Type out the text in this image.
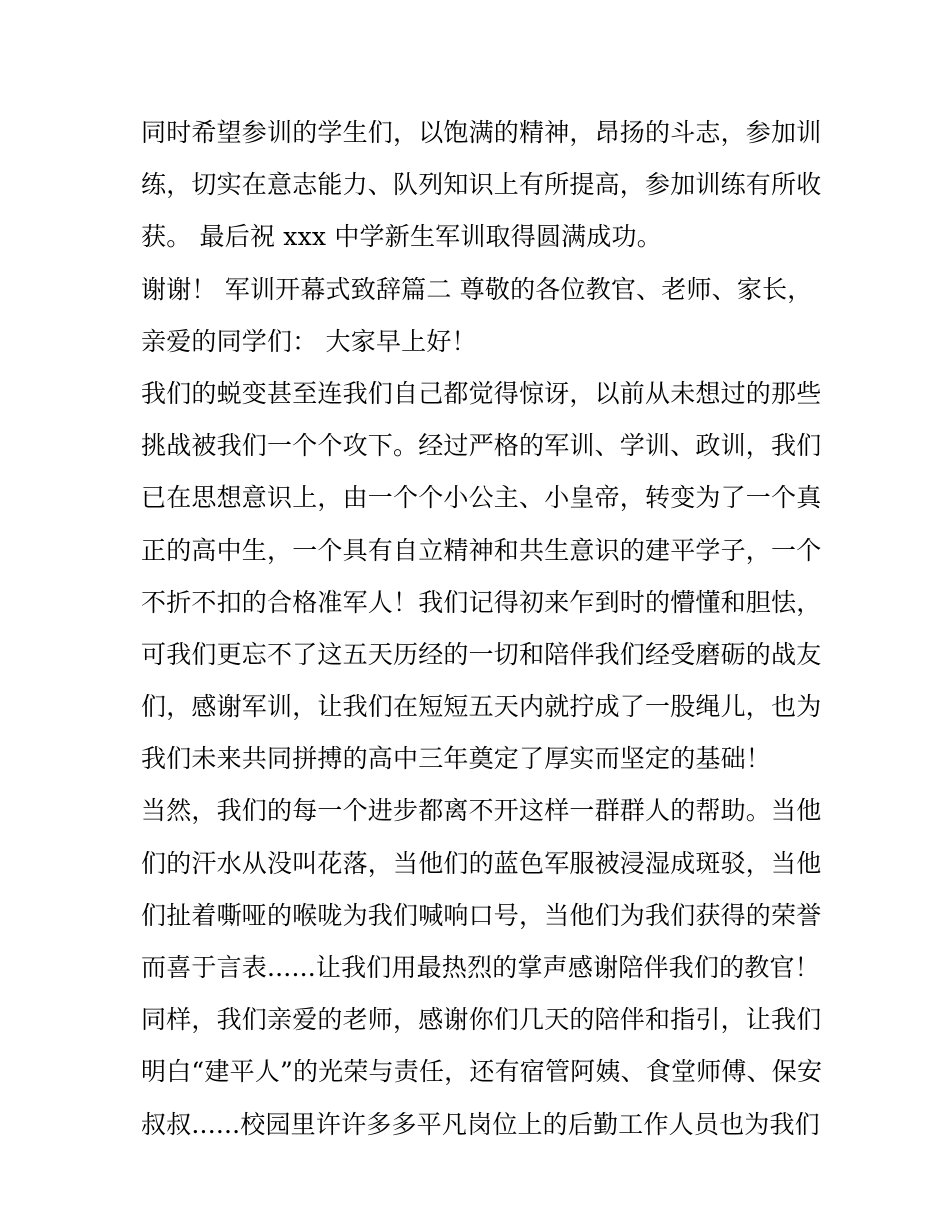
同时希望参训的学生们，以饱满的精神，昂扬的斗志，参加训
练，切实在意志能力、队列知识上有所提高，参加训练有所收
获。 最后祝 xxx 中学新生军训取得圆满成功。
谢谢！ 军训开幕式致辞篇二 尊敬的各位教官、老师、家长，
亲爱的同学们： 大家早上好！
我们的蜕变甚至连我们自己都觉得惊讶，以前从未想过的那些
挑战被我们一个个攻下。经过严格的军训、学训、政训，我们
已在思想意识上，由一个个小公主、小皇帝，转变为了一个真
正的高中生，一个具有自立精神和共生意识的建平学子，一个
不折不扣的合格准军人！我们记得初来乍到时的懵懂和胆怯，
可我们更忘不了这五天历经的一切和陪伴我们经受磨砺的战友
们，感谢军训，让我们在短短五天内就拧成了一股绳儿，也为
我们未来共同拼搏的高中三年奠定了厚实而坚定的基础！
当然，我们的每一个进步都离不开这样一群群人的帮助。当他
们的汗水从没叫花落，当他们的蓝色军服被浸湿成斑驳，当他
们扯着嘶哑的喉咙为我们喊响口号，当他们为我们获得的荣誉
而喜于言表......让我们用最热烈的掌声感谢陪伴我们的教官！
同样，我们亲爱的老师，感谢你们几天的陪伴和指引，让我们
明白“建平人”的光荣与责任，还有宿管阿姨、食堂师傅、保安
叔叔......校园里许许多多平凡岗位上的后勤工作人员也为我们
